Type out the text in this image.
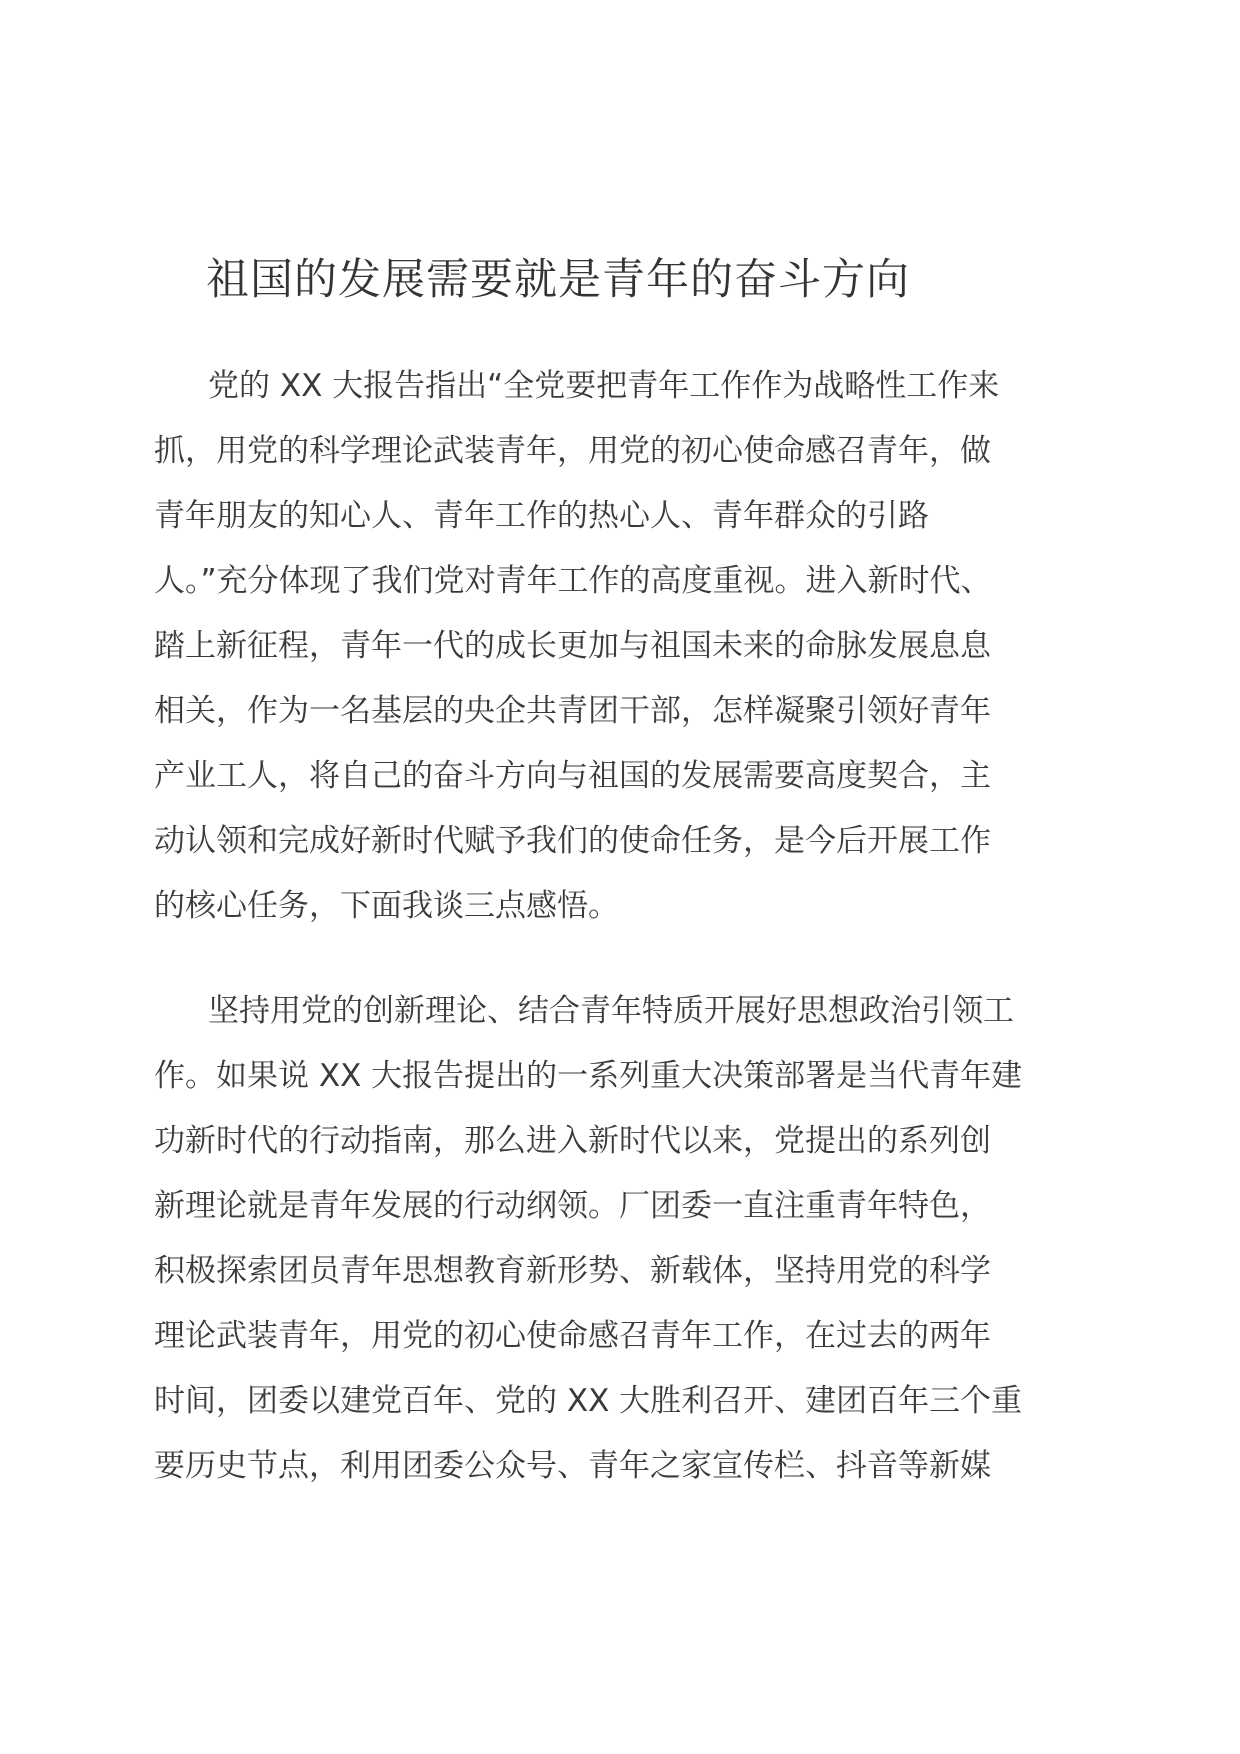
祖国的发展需要就是青年的奋斗方向

党的 XX 大报告指出“全党要把青年工作作为战略性工作来
抓，用党的科学理论武装青年，用党的初心使命感召青年，做
青年朋友的知心人、青年工作的热心人、青年群众的引路
人。”充分体现了我们党对青年工作的高度重视。进入新时代、
踏上新征程，青年一代的成长更加与祖国未来的命脉发展息息
相关，作为一名基层的央企共青团干部，怎样凝聚引领好青年
产业工人，将自己的奋斗方向与祖国的发展需要高度契合，主
动认领和完成好新时代赋予我们的使命任务，是今后开展工作
的核心任务，下面我谈三点感悟。

坚持用党的创新理论、结合青年特质开展好思想政治引领工
作。如果说 XX 大报告提出的一系列重大决策部署是当代青年建
功新时代的行动指南，那么进入新时代以来，党提出的系列创
新理论就是青年发展的行动纲领。厂团委一直注重青年特色，
积极探索团员青年思想教育新形势、新载体，坚持用党的科学
理论武装青年，用党的初心使命感召青年工作，在过去的两年
时间，团委以建党百年、党的 XX 大胜利召开、建团百年三个重
要历史节点，利用团委公众号、青年之家宣传栏、抖音等新媒
